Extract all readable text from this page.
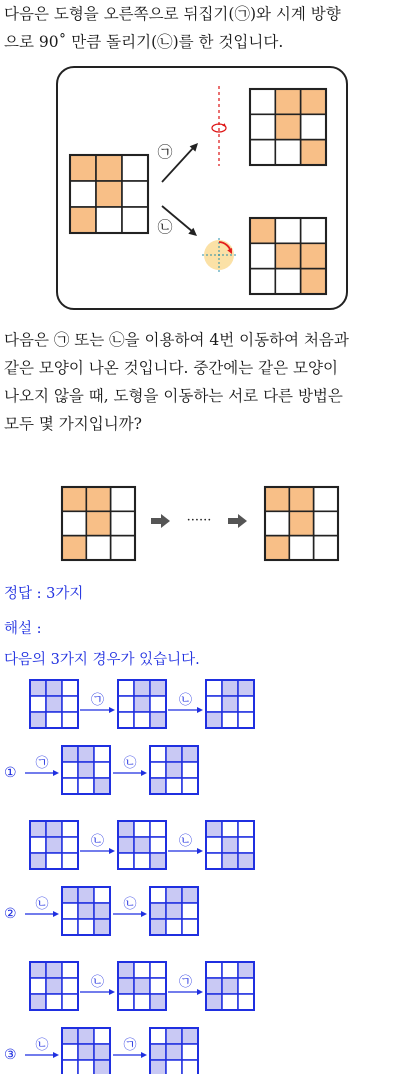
다음은 도형을 오른쪽으로 뒤집기(㉠)와 시계 방향
으로 90˚ 만큼 돌리기(㉡)를 한 것입니다.
㉠
㉡
다음은 ㉠ 또는 ㉡을 이용하여 4번 이동하여 처음과
같은 모양이 나온 것입니다. 중간에는 같은 모양이
나오지 않을 때, 도형을 이동하는 서로 다른 방법은
모두 몇 가지입니까?
······
정답 : 3가지
해설 :
다음의 3가지 경우가 있습니다.
㉠	㉡
①
㉠	㉡
㉡	㉡
②
㉡	㉡
㉡	㉠
③
㉡	㉠
